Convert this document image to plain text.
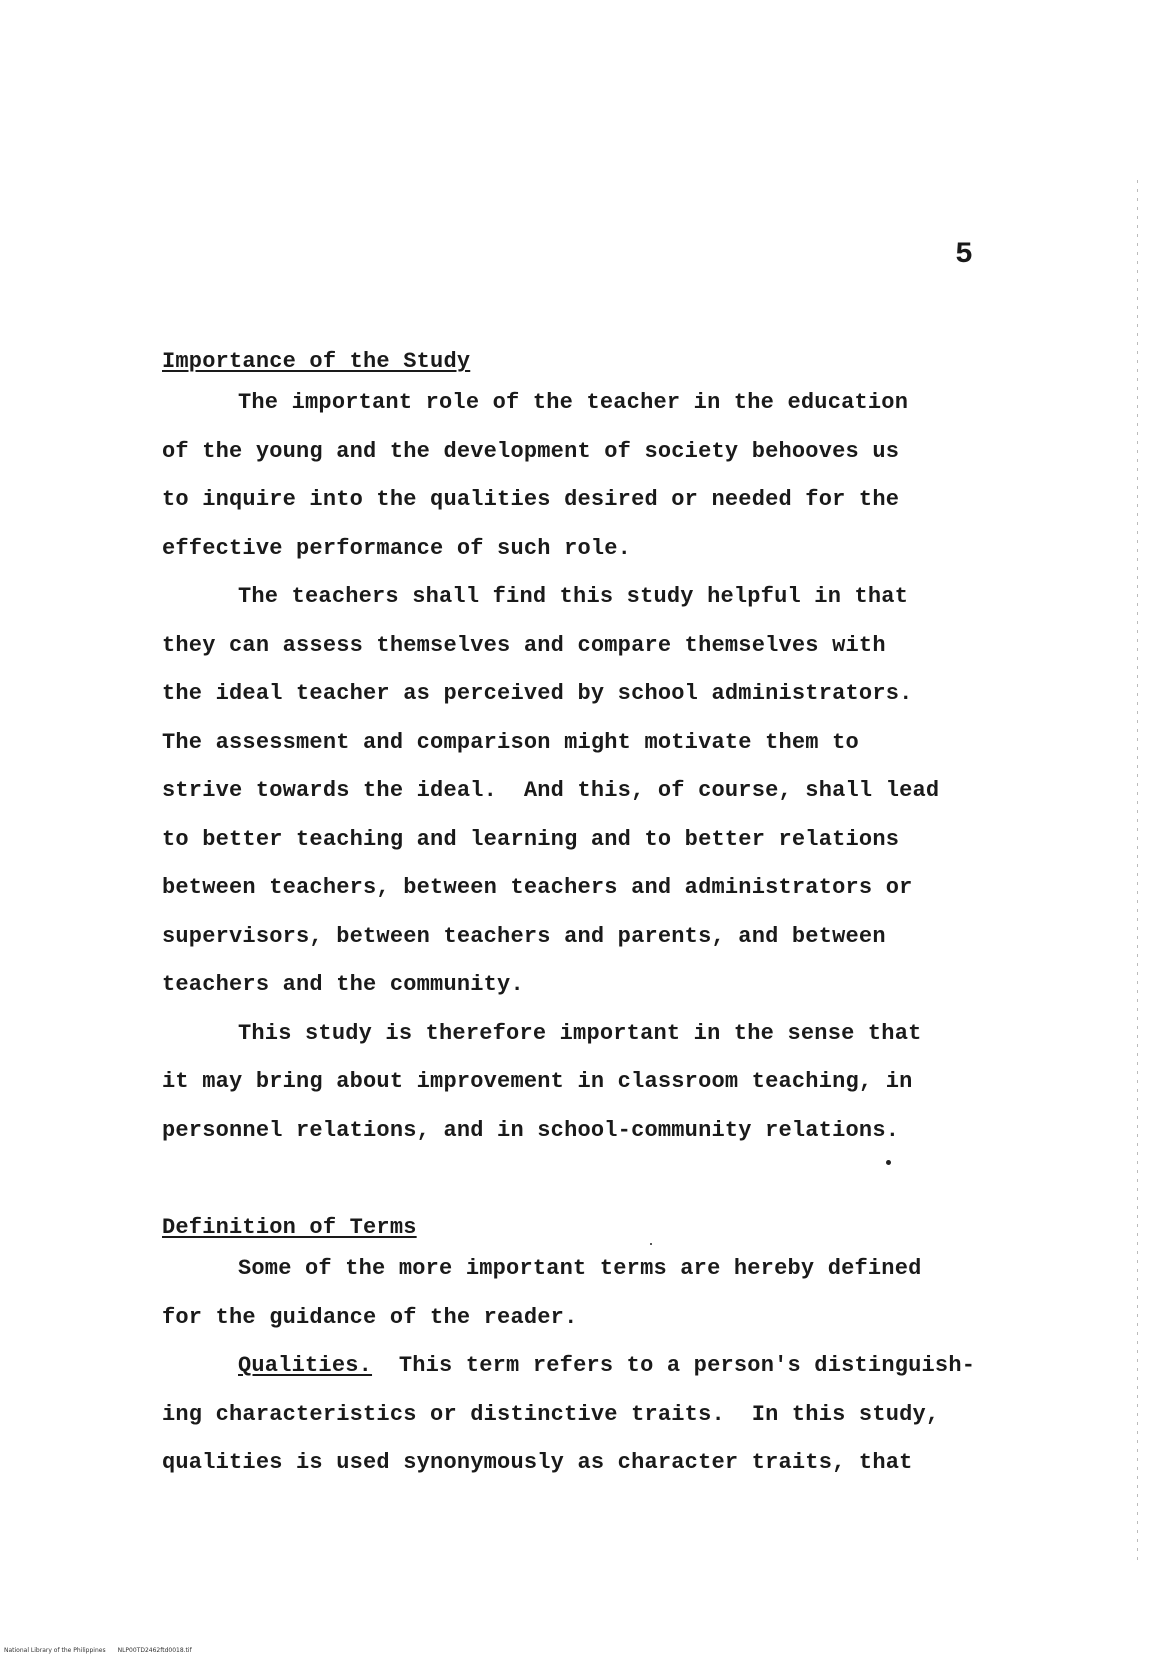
5
Importance of the Study

The important role of the teacher in the education

of the young and the development of society behooves us

to inquire into the qualities desired or needed for the

effective performance of such role.

The teachers shall find this study helpful in that

they can assess themselves and compare themselves with

the ideal teacher as perceived by school administrators.

The assessment and comparison might motivate them to

strive towards the ideal.  And this, of course, shall lead

to better teaching and learning and to better relations

between teachers, between teachers and administrators or

supervisors, between teachers and parents, and between

teachers and the community.

This study is therefore important in the sense that

it may bring about improvement in classroom teaching, in

personnel relations, and in school-community relations.

Definition of Terms

Some of the more important terms are hereby defined

for the guidance of the reader.

Qualities.  This term refers to a person's distinguish-

ing characteristics or distinctive traits.  In this study,

qualities is used synonymously as character traits, that

National Library of the Philippines NLP00TD2462ftd0018.tif
